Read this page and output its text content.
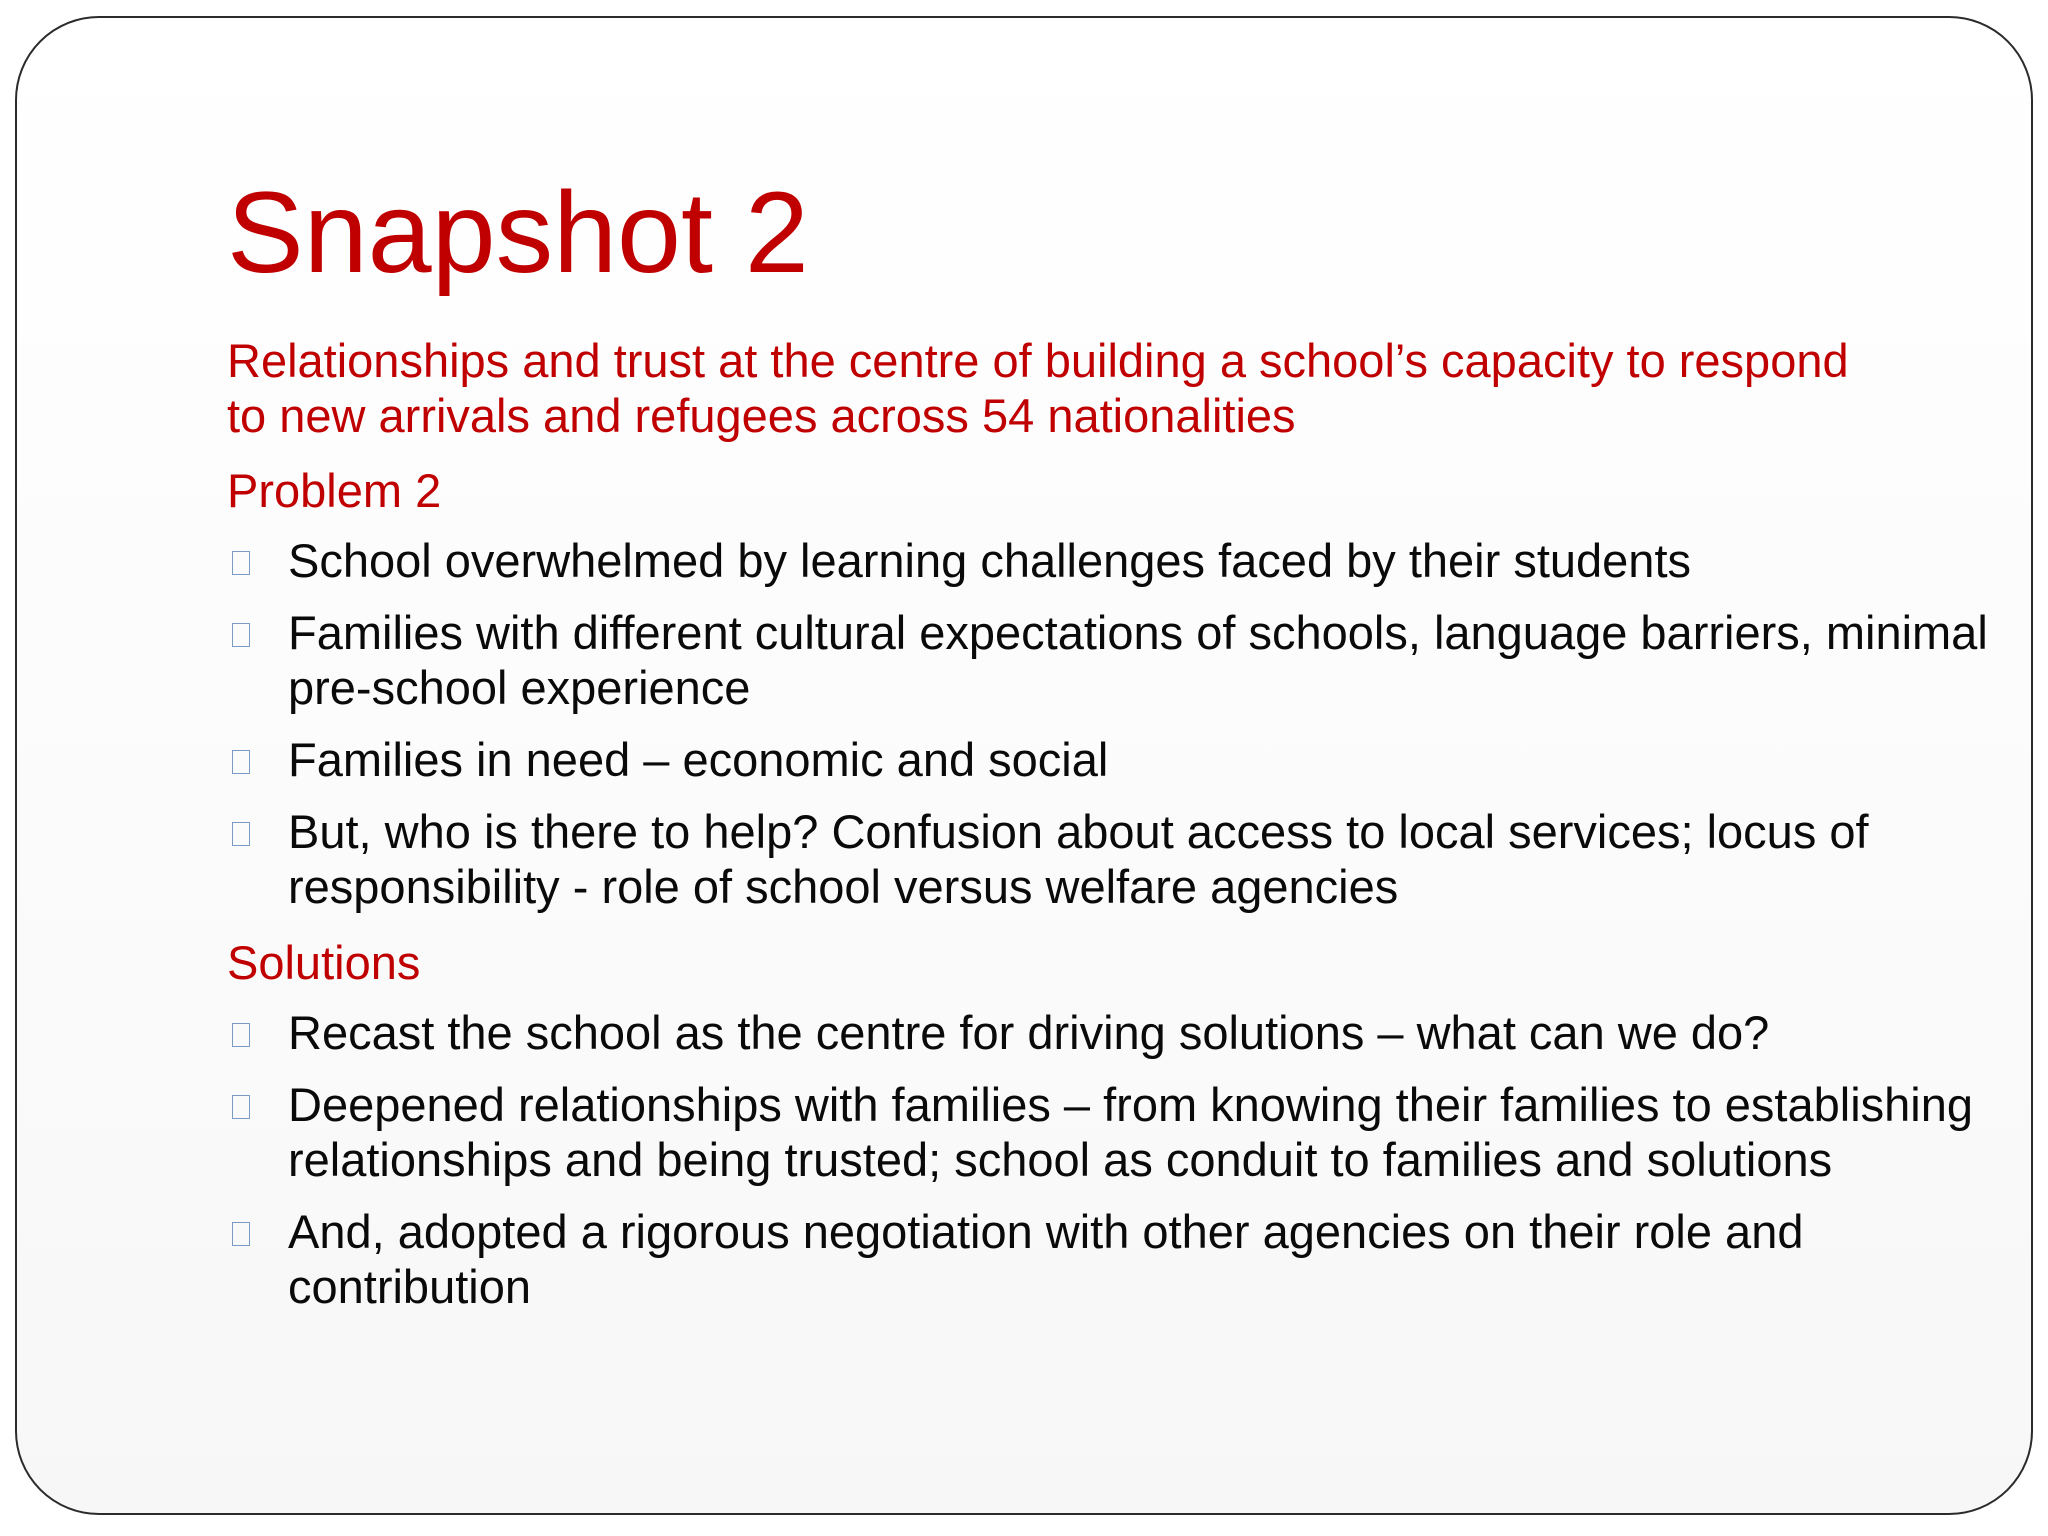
Snapshot 2

Relationships and trust at the centre of building a school’s capacity to respond to new arrivals and refugees across 54 nationalities

Problem 2

School overwhelmed by learning challenges faced by their students
Families with different cultural expectations of schools, language barriers, minimal pre-school experience
Families in need – economic and social
But, who is there to help? Confusion about access to local services; locus of responsibility - role of school versus welfare agencies

Solutions

Recast the school as the centre for driving solutions – what can we do?
Deepened relationships with families – from knowing their families to establishing relationships and being trusted; school as conduit to families and solutions
And, adopted a rigorous negotiation with other agencies on their role and contribution
